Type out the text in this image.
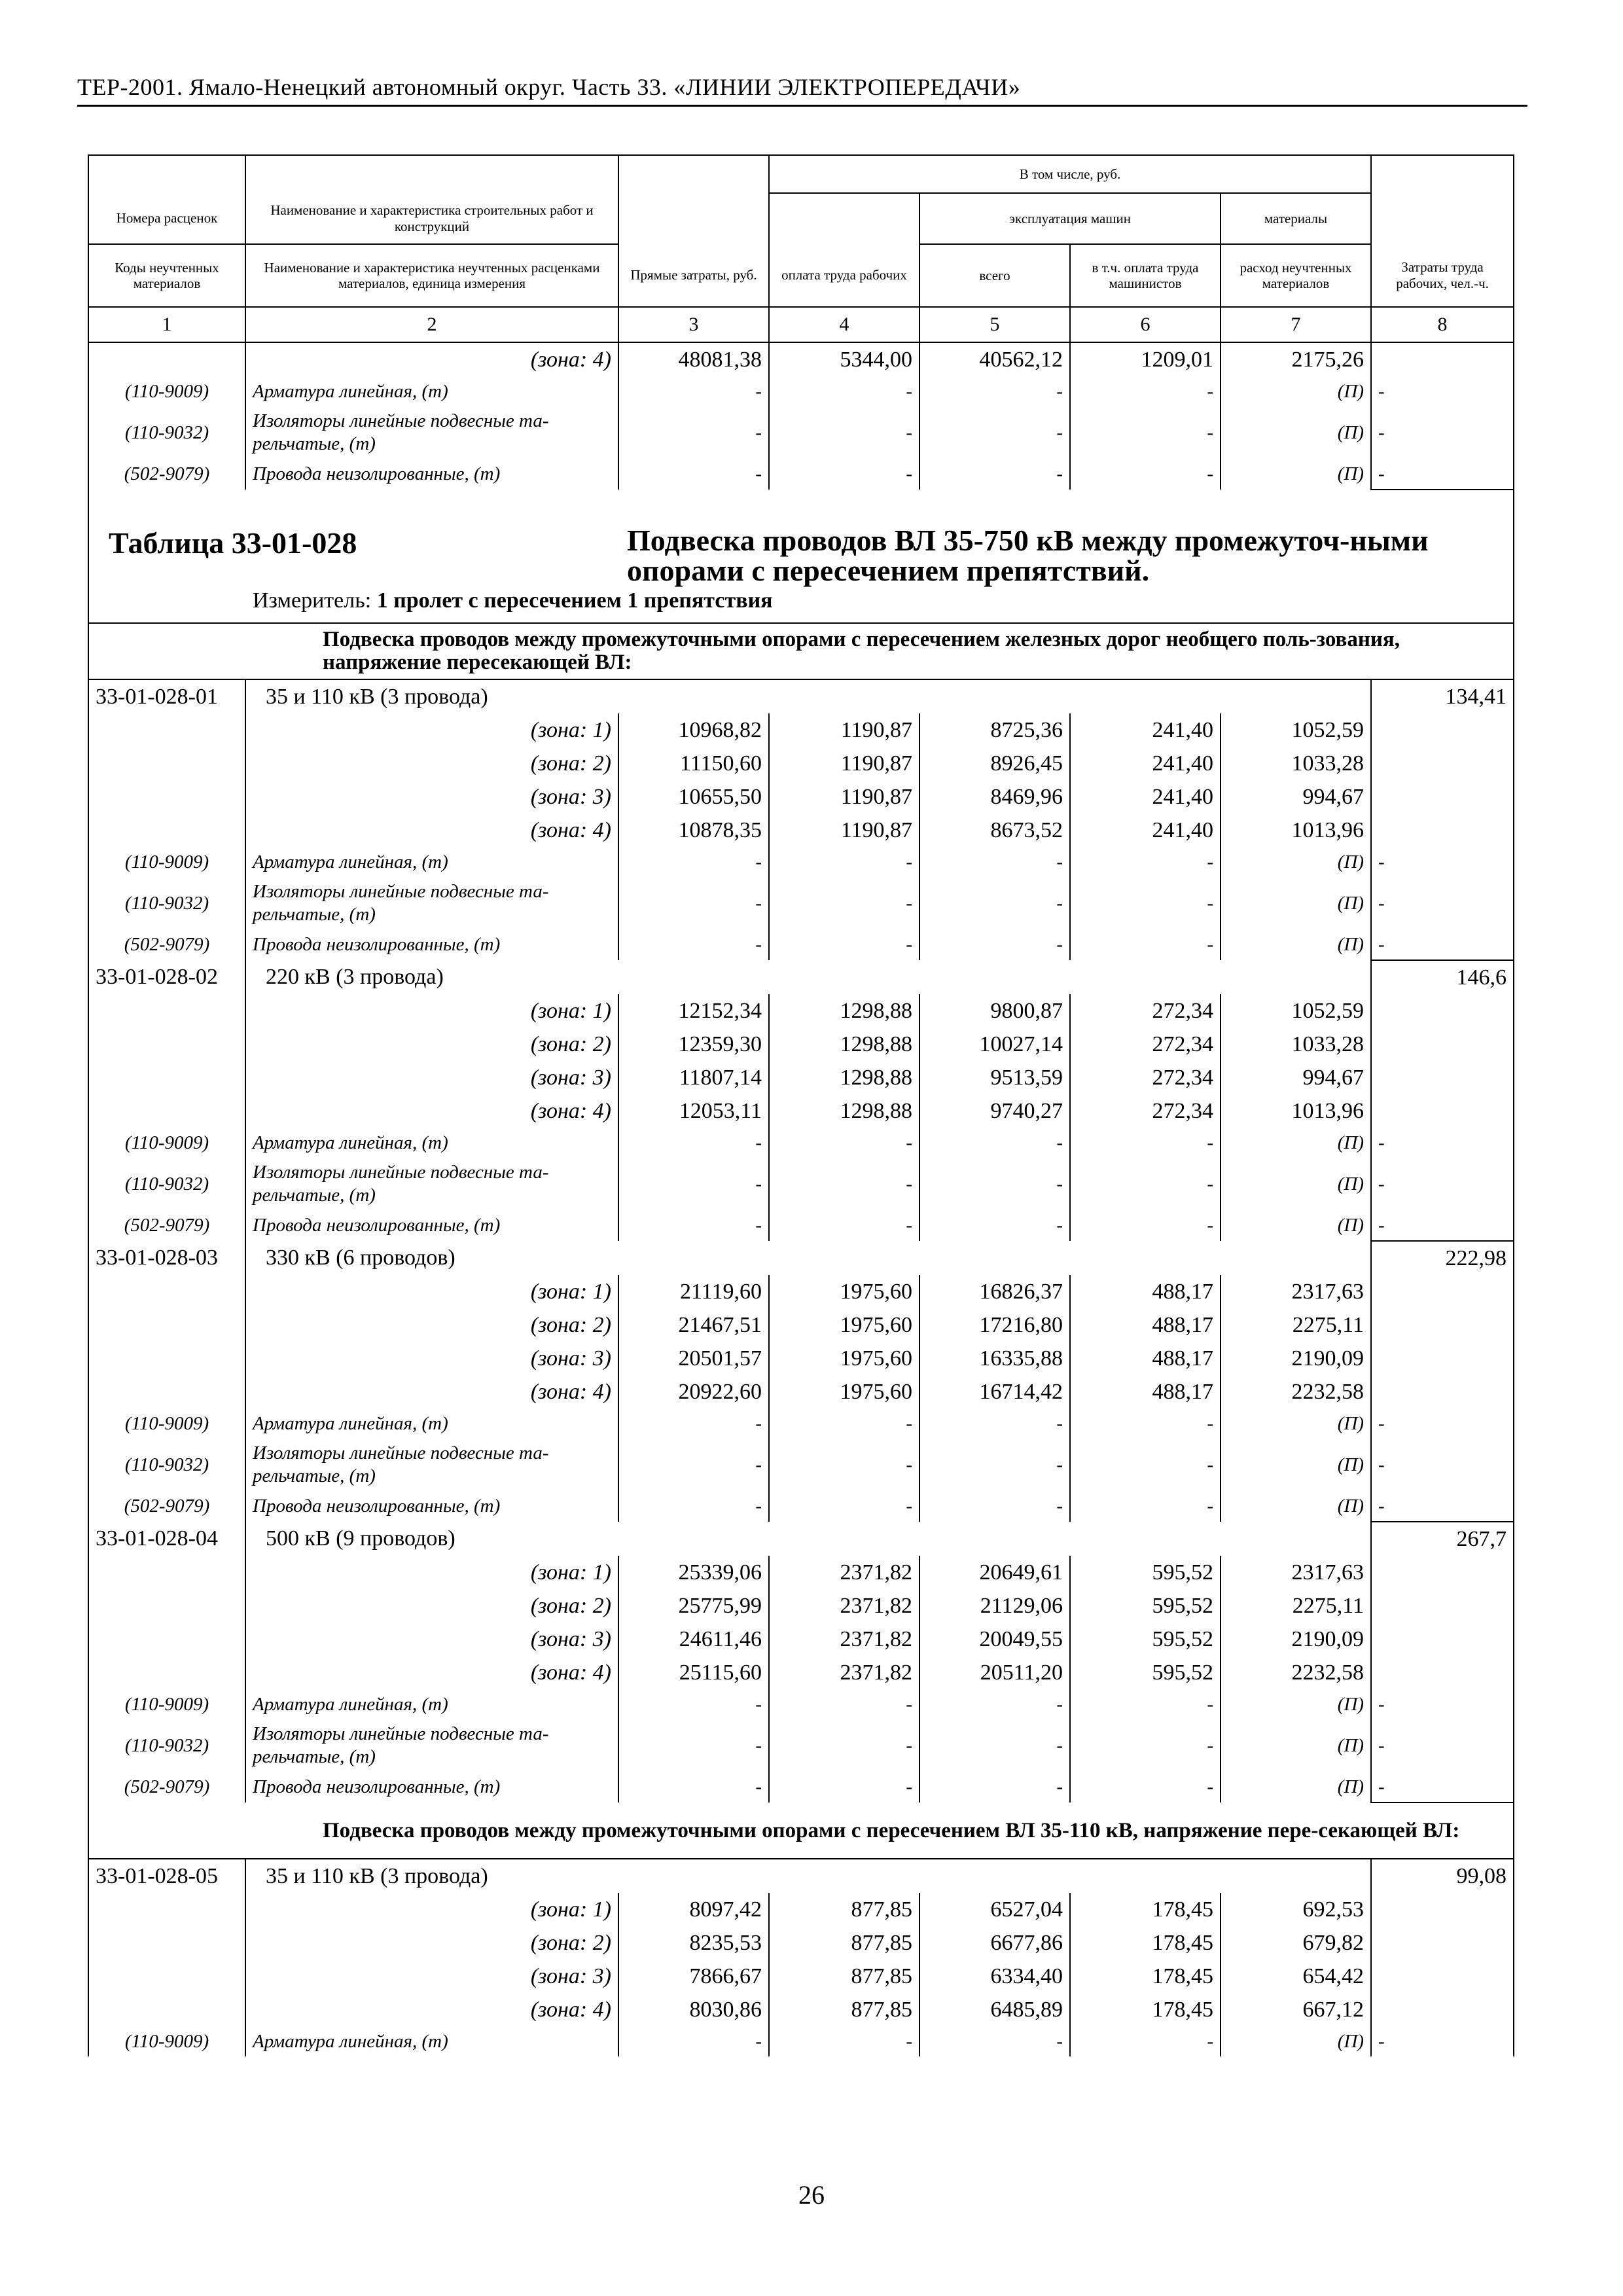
ТЕР-2001. Ямало-Ненецкий автономный округ. Часть 33. «ЛИНИИ ЭЛЕКТРОПЕРЕДАЧИ»
			В том числе, руб.				
Номера расценок	Наименование и характеристика строительных работ и конструкций			эксплуатация машин		материалы	
Коды неучтенных материалов	Наименование и характеристика неучтенных расценками материалов, единица измерения	Прямые затраты, руб.	оплата труда рабочих	всего	в т.ч. оплата труда машинистов	расход неучтенных материалов	Затраты труда рабочих, чел.-ч.
1	2	3	4	5	6	7	8
	(зона: 4)	48081,38	5344,00	40562,12	1209,01	2175,26	
(110-9009)	Арматура линейная, (т)	-	-	-	-	(П)	-
(110-9032)	Изоляторы линейные подвесные та-рельчатые, (т)	-	-	-	-	(П)	-
(502-9079)	Провода неизолированные, (т)	-	-	-	-	(П)	-

Таблица 33-01-028 Подвеска проводов ВЛ 35-750 кВ между промежуточ-ными опорами с пересечением препятствий.
Измеритель: 1 пролет с пересечением 1 препятствия							

	Подвеска проводов между промежуточными опорами с пересечением железных дорог необщего поль-зования, напряжение пересекающей ВЛ:						
33-01-028-01	35 и 110 кВ (3 провода)						134,41
	(зона: 1)	10968,82	1190,87	8725,36	241,40	1052,59	
	(зона: 2)	11150,60	1190,87	8926,45	241,40	1033,28	
	(зона: 3)	10655,50	1190,87	8469,96	241,40	994,67	
	(зона: 4)	10878,35	1190,87	8673,52	241,40	1013,96	
(110-9009)	Арматура линейная, (т)	-	-	-	-	(П)	-
(110-9032)	Изоляторы линейные подвесные та-рельчатые, (т)	-	-	-	-	(П)	-
(502-9079)	Провода неизолированные, (т)	-	-	-	-	(П)	-
33-01-028-02	220 кВ (3 провода)						146,6
	(зона: 1)	12152,34	1298,88	9800,87	272,34	1052,59	
	(зона: 2)	12359,30	1298,88	10027,14	272,34	1033,28	
	(зона: 3)	11807,14	1298,88	9513,59	272,34	994,67	
	(зона: 4)	12053,11	1298,88	9740,27	272,34	1013,96	
(110-9009)	Арматура линейная, (т)	-	-	-	-	(П)	-
(110-9032)	Изоляторы линейные подвесные та-рельчатые, (т)	-	-	-	-	(П)	-
(502-9079)	Провода неизолированные, (т)	-	-	-	-	(П)	-
33-01-028-03	330 кВ (6 проводов)						222,98
	(зона: 1)	21119,60	1975,60	16826,37	488,17	2317,63	
	(зона: 2)	21467,51	1975,60	17216,80	488,17	2275,11	
	(зона: 3)	20501,57	1975,60	16335,88	488,17	2190,09	
	(зона: 4)	20922,60	1975,60	16714,42	488,17	2232,58	
(110-9009)	Арматура линейная, (т)	-	-	-	-	(П)	-
(110-9032)	Изоляторы линейные подвесные та-рельчатые, (т)	-	-	-	-	(П)	-
(502-9079)	Провода неизолированные, (т)	-	-	-	-	(П)	-
33-01-028-04	500 кВ (9 проводов)						267,7
	(зона: 1)	25339,06	2371,82	20649,61	595,52	2317,63	
	(зона: 2)	25775,99	2371,82	21129,06	595,52	2275,11	
	(зона: 3)	24611,46	2371,82	20049,55	595,52	2190,09	
	(зона: 4)	25115,60	2371,82	20511,20	595,52	2232,58	
(110-9009)	Арматура линейная, (т)	-	-	-	-	(П)	-
(110-9032)	Изоляторы линейные подвесные та-рельчатые, (т)	-	-	-	-	(П)	-
(502-9079)	Провода неизолированные, (т)	-	-	-	-	(П)	-
	Подвеска проводов между промежуточными опорами с пересечением ВЛ 35-110 кВ, напряжение пере-секающей ВЛ:						
33-01-028-05	35 и 110 кВ (3 провода)						99,08
	(зона: 1)	8097,42	877,85	6527,04	178,45	692,53	
	(зона: 2)	8235,53	877,85	6677,86	178,45	679,82	
	(зона: 3)	7866,67	877,85	6334,40	178,45	654,42	
	(зона: 4)	8030,86	877,85	6485,89	178,45	667,12	
(110-9009)	Арматура линейная, (т)	-	-	-	-	(П)	-
26
